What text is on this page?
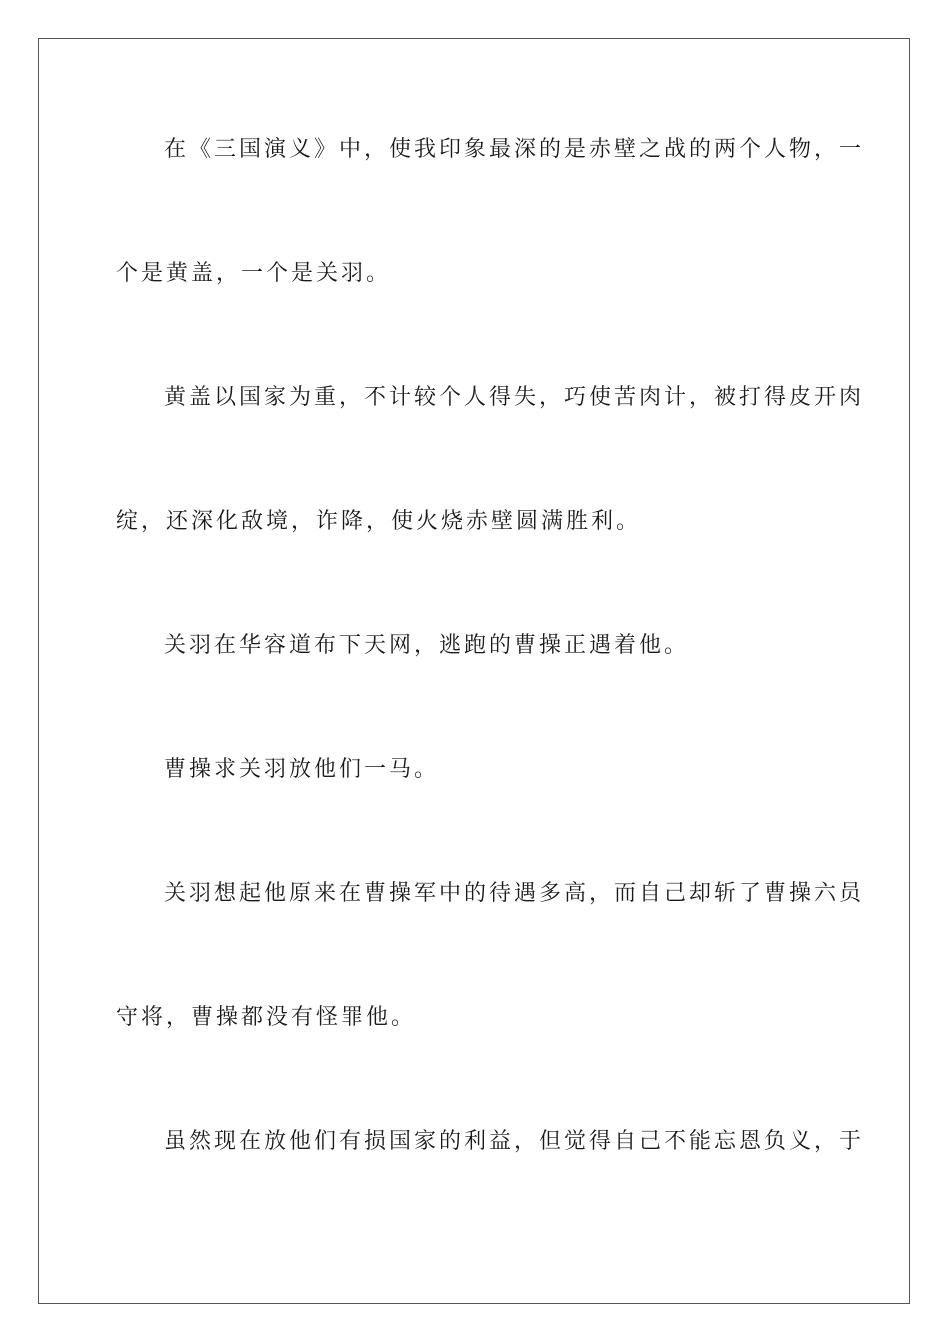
在《三国演义》中，使我印象最深的是赤壁之战的两个人物，一

个是黄盖，一个是关羽。

黄盖以国家为重，不计较个人得失，巧使苦肉计，被打得皮开肉

绽，还深化敌境，诈降，使火烧赤壁圆满胜利。

关羽在华容道布下天网，逃跑的曹操正遇着他。

曹操求关羽放他们一马。

关羽想起他原来在曹操军中的待遇多高，而自己却斩了曹操六员

守将，曹操都没有怪罪他。

虽然现在放他们有损国家的利益，但觉得自己不能忘恩负义，于
